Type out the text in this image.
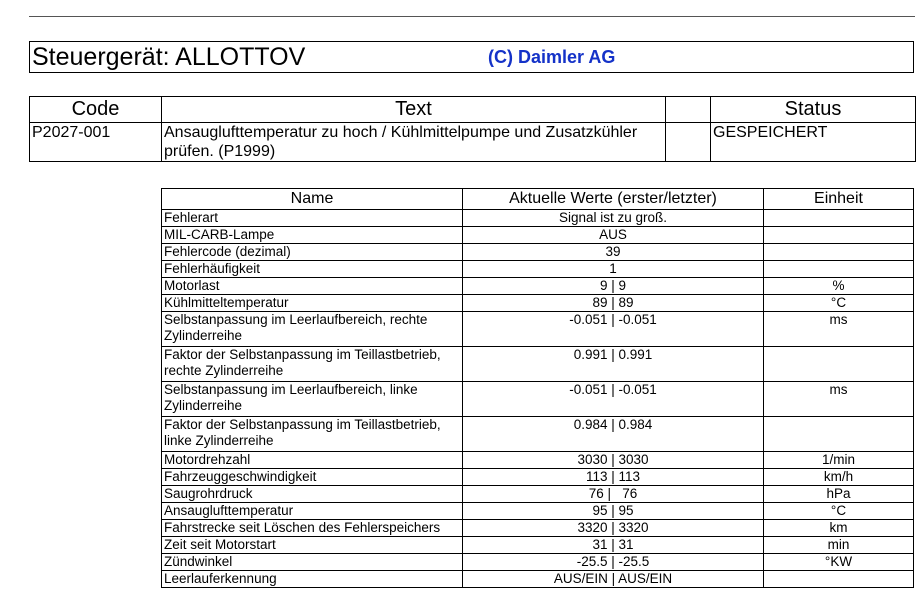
Steuergerät: ALLOTTOV	(C) Daimler AG
Code	Text		Status
P2027-001	Ansauglufttemperatur zu hoch / Kühlmittelpumpe und Zusatzkühler prüfen. (P1999)		GESPEICHERT
Name	Aktuelle Werte (erster/letzter)	Einheit
Fehlerart	Signal ist zu groß.	
MIL-CARB-Lampe	AUS	
Fehlercode (dezimal)	39	
Fehlerhäufigkeit	1	
Motorlast	9 | 9	%
Kühlmitteltemperatur	89 | 89	°C
Selbstanpassung im Leerlaufbereich, rechte Zylinderreihe	-0.051 | -0.051	ms
Faktor der Selbstanpassung im Teillastbetrieb, rechte Zylinderreihe	0.991 | 0.991	
Selbstanpassung im Leerlaufbereich, linke Zylinderreihe	-0.051 | -0.051	ms
Faktor der Selbstanpassung im Teillastbetrieb, linke Zylinderreihe	0.984 | 0.984	
Motordrehzahl	3030 | 3030	1/min
Fahrzeuggeschwindigkeit	113 | 113	km/h
Saugrohrdruck	76 |   76	hPa
Ansauglufttemperatur	95 | 95	°C
Fahrstrecke seit Löschen des Fehlerspeichers	3320 | 3320	km
Zeit seit Motorstart	31 | 31	min
Zündwinkel	-25.5 | -25.5	°KW
Leerlauferkennung	AUS/EIN | AUS/EIN	
